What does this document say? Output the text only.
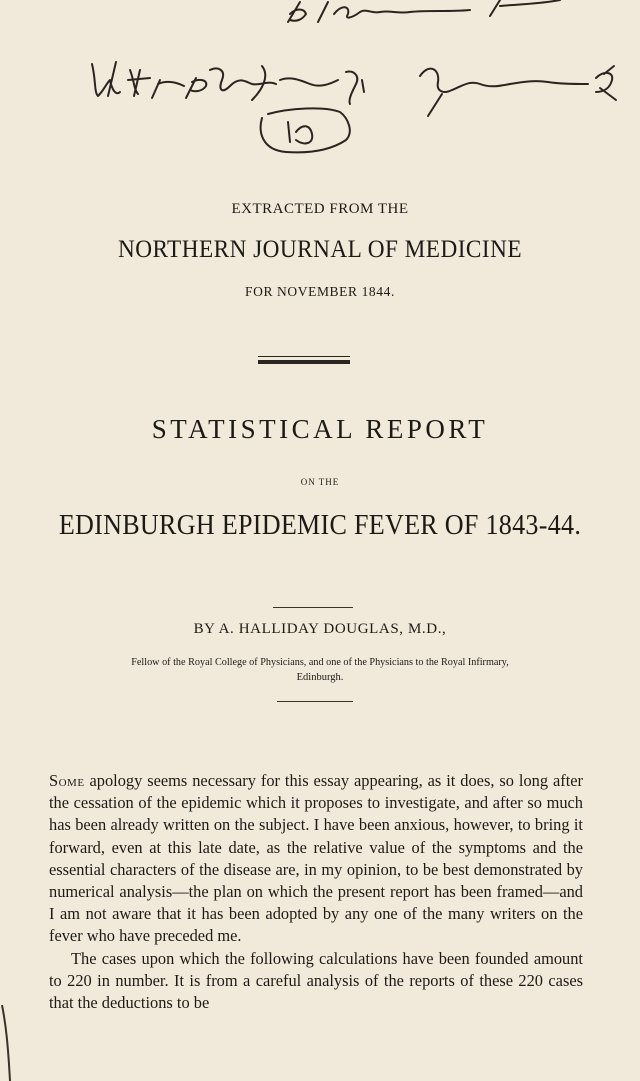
EXTRACTED FROM THE
NORTHERN JOURNAL OF MEDICINE
FOR NOVEMBER 1844.
STATISTICAL REPORT
ON THE
EDINBURGH EPIDEMIC FEVER OF 1843-44.
BY A. HALLIDAY DOUGLAS, M.D.,
Fellow of the Royal College of Physicians, and one of the Physicians to the Royal Infirmary,
Edinburgh.

Some apology seems necessary for this essay appearing, as it does, so long after the cessation of the epidemic which it proposes to investigate, and after so much has been already written on the subject. I have been anxious, however, to bring it forward, even at this late date, as the relative value of the symptoms and the essential characters of the disease are, in my opinion, to be best demonstrated by numerical analysis—the plan on which the present report has been framed—and I am not aware that it has been adopted by any one of the many writers on the fever who have preceded me.

The cases upon which the following calculations have been founded amount to 220 in number. It is from a careful analysis of the reports of these 220 cases that the deductions to be
